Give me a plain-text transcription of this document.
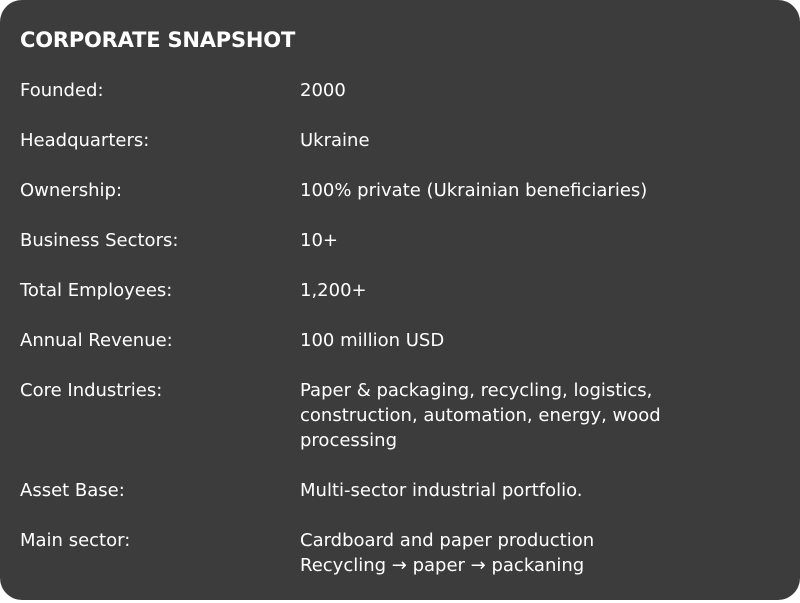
CORPORATE SNAPSHOT
Founded:	2000
Headquarters:	Ukraine
Ownership:	100% private (Ukrainian beneficiaries)
Business Sectors:	10+
Total Employees:	1,200+
Annual Revenue:	100 million USD
Core Industries:	Paper & packaging, recycling, logistics,
construction, automation, energy, wood
processing
Asset Base:	Multi-sector industrial portfolio.
Main sector:	Cardboard and paper production
Recycling → paper → packaning
